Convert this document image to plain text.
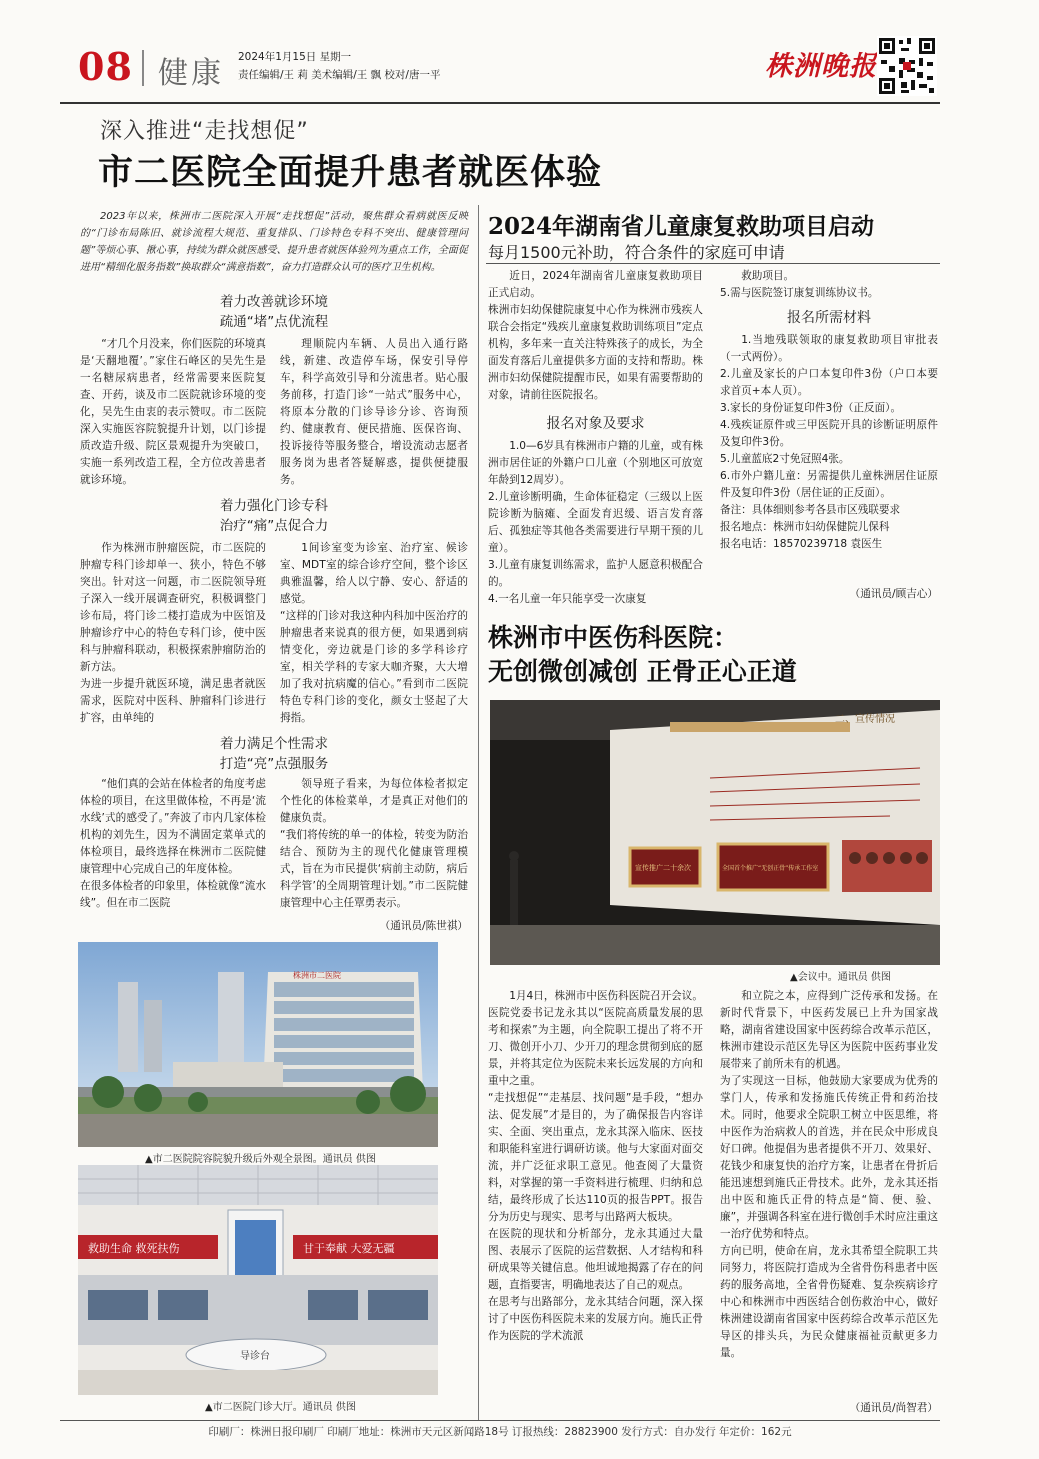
08 健康 2024年1月15日 星期一
责任编辑/王 莉 美术编辑/王 飘 校对/唐一平	株洲晚报
深入推进“走找想促”
市二医院全面提升患者就医体验

2023年以来，株洲市二医院深入开展“走找想促”活动，聚焦群众看病就医反映的“门诊布局陈旧、就诊流程大规范、重复排队、门诊特色专科不突出、健康管理问题”等烦心事、揪心事，持续为群众就医感受、提升患者就医体验列为重点工作，全面促进用“精细化服务指数”换取群众“满意指数”，奋力打造群众认可的医疗卫生机构。

着力改善就诊环境
疏通“堵”点优流程

“才几个月没来，你们医院的环境真是‘天翻地覆’。”家住石峰区的吴先生是一名糖尿病患者，经常需要来医院复查、开药，谈及市二医院就诊环境的变化，吴先生由衷的表示赞叹。市二医院深入实施医容院貌提升计划，以门诊提质改造升级、院区景观提升为突破口，实施一系列改造工程，全方位改善患者就诊环境。

理顺院内车辆、人员出入通行路线，新建、改造停车场，保安引导停车，科学高效引导和分流患者。贴心服务前移，打造门诊“一站式”服务中心，将原本分散的门诊导诊分诊、咨询预约、健康教育、便民措施、医保咨询、投诉接待等服务整合，增设流动志愿者服务岗为患者答疑解惑，提供便捷服务。

着力强化门诊专科
治疗“痛”点促合力

作为株洲市肿瘤医院，市二医院的肿瘤专科门诊却单一、狭小，特色不够突出。针对这一问题，市二医院领导班子深入一线开展调查研究，积极调整门诊布局，将门诊二楼打造成为中医馆及肿瘤诊疗中心的特色专科门诊，使中医科与肿瘤科联动，积极探索肿瘤防治的新方法。
为进一步提升就医环境，满足患者就医需求，医院对中医科、肿瘤科门诊进行扩容，由单纯的

1间诊室变为诊室、治疗室、候诊室、MDT室的综合诊疗空间，整个诊区典雅温馨，给人以宁静、安心、舒适的感觉。
“这样的门诊对我这种内科加中医治疗的肿瘤患者来说真的很方便，如果遇到病情变化，旁边就是门诊的多学科诊疗室，相关学科的专家大咖齐聚，大大增加了我对抗病魔的信心。”看到市二医院特色专科门诊的变化，颜女士竖起了大拇指。

着力满足个性需求
打造“亮”点强服务

“他们真的会站在体检者的角度考虑体检的项目，在这里做体检，不再是‘流水线’式的感受了。”奔波了市内几家体检机构的刘先生，因为不满固定菜单式的体检项目，最终选择在株洲市二医院健康管理中心完成自己的年度体检。
在很多体检者的印象里，体检就像“流水线”。但在市二医院

领导班子看来，为每位体检者拟定个性化的体检菜单，才是真正对他们的健康负责。
“我们将传统的单一的体检，转变为防治结合、预防为主的现代化健康管理模式，旨在为市民提供‘病前主动防，病后科学管’的全周期管理计划。”市二医院健康管理中心主任覃勇表示。

（通讯员/陈世祺）
株洲市二医院
▲市二医院院容院貌升级后外观全景图。通讯员 供图
救助生命 救死扶伤	甘于奉献 大爱无疆
导诊台
▲市二医院门诊大厅。通讯员 供图
2024年湖南省儿童康复救助项目启动
每月1500元补助，符合条件的家庭可申请

近日，2024年湖南省儿童康复救助项目正式启动。
株洲市妇幼保健院康复中心作为株洲市残疾人联合会指定“残疾儿童康复救助训练项目”定点机构，多年来一直关注特殊孩子的成长，为全面发育落后儿童提供多方面的支持和帮助。株洲市妇幼保健院提醒市民，如果有需要帮助的对象，请前往医院报名。

报名对象及要求

1.0—6岁具有株洲市户籍的儿童，或有株洲市居住证的外籍户口儿童（个别地区可放宽年龄到12周岁）。
2.儿童诊断明确，生命体征稳定（三级以上医院诊断为脑瘫、全面发育迟缓、语言发育落后、孤独症等其他各类需要进行早期干预的儿童）。
3.儿童有康复训练需求，监护人愿意积极配合的。
4.一名儿童一年只能享受一次康复

救助项目。
5.需与医院签订康复训练协议书。

报名所需材料

1.当地残联领取的康复救助项目审批表（一式两份）。
2.儿童及家长的户口本复印件3份（户口本要求首页+本人页）。
3.家长的身份证复印件3份（正反面）。
4.残疾证原件或三甲医院开具的诊断证明原件及复印件3份。
5.儿童蓝底2寸免冠照4张。
6.市外户籍儿童：另需提供儿童株洲居住证原件及复印件3份（居住证的正反面）。
备注：具体细则参考各县市区残联要求
报名地点：株洲市妇幼保健院儿保科
报名电话：18570239718 袁医生

（通讯员/顾吉心）
株洲市中医伤科医院：
无创微创减创 正骨正心正道
二、宣传情况
宣传推广二十余次	全国首个推广“无创正骨”传承工作室
▲会议中。通讯员 供图

1月4日，株洲市中医伤科医院召开会议。医院党委书记龙永其以“医院高质量发展的思考和探索”为主题，向全院职工提出了将不开刀、微创开小刀、少开刀的理念贯彻到底的愿景，并将其定位为医院未来长远发展的方向和重中之重。
“走找想促”“走基层、找问题”是手段，“想办法、促发展”才是目的，为了确保报告内容详实、全面、突出重点，龙永其深入临床、医技和职能科室进行调研访谈。他与大家面对面交流，并广泛征求职工意见。他查阅了大量资料，对掌握的第一手资料进行梳理、归纳和总结，最终形成了长达110页的报告PPT。报告分为历史与现实、思考与出路两大板块。
在医院的现状和分析部分，龙永其通过大量图、表展示了医院的运营数据、人才结构和科研成果等关键信息。他坦诚地揭露了存在的问题，直指要害，明确地表达了自己的观点。
在思考与出路部分，龙永其结合问题，深入探讨了中医伤科医院未来的发展方向。施氏正骨作为医院的学术流派

和立院之本，应得到广泛传承和发扬。在新时代背景下，中医药发展已上升为国家战略，湖南省建设国家中医药综合改革示范区，株洲市建设示范区先导区为医院中医药事业发展带来了前所未有的机遇。
为了实现这一目标，他鼓励大家要成为优秀的掌门人，传承和发扬施氏传统正骨和药治技术。同时，他要求全院职工树立中医思维，将中医作为治病救人的首选，并在民众中形成良好口碑。他提倡为患者提供不开刀、效果好、花钱少和康复快的治疗方案，让患者在骨折后能迅速想到施氏正骨技术。此外，龙永其还指出中医和施氏正骨的特点是“简、便、验、廉”，并强调各科室在进行微创手术时应注重这一治疗优势和特点。
方向已明，使命在肩，龙永其希望全院职工共同努力，将医院打造成为全省骨伤科患者中医药的服务高地，全省骨伤疑难、复杂疾病诊疗中心和株洲市中西医结合创伤救治中心，做好株洲建设湖南省国家中医药综合改革示范区先导区的排头兵，为民众健康福祉贡献更多力量。

（通讯员/尚智君）
印刷厂：株洲日报印刷厂 印刷厂地址：株洲市天元区新闻路18号 订报热线：28823900 发行方式：自办发行 年定价：162元
